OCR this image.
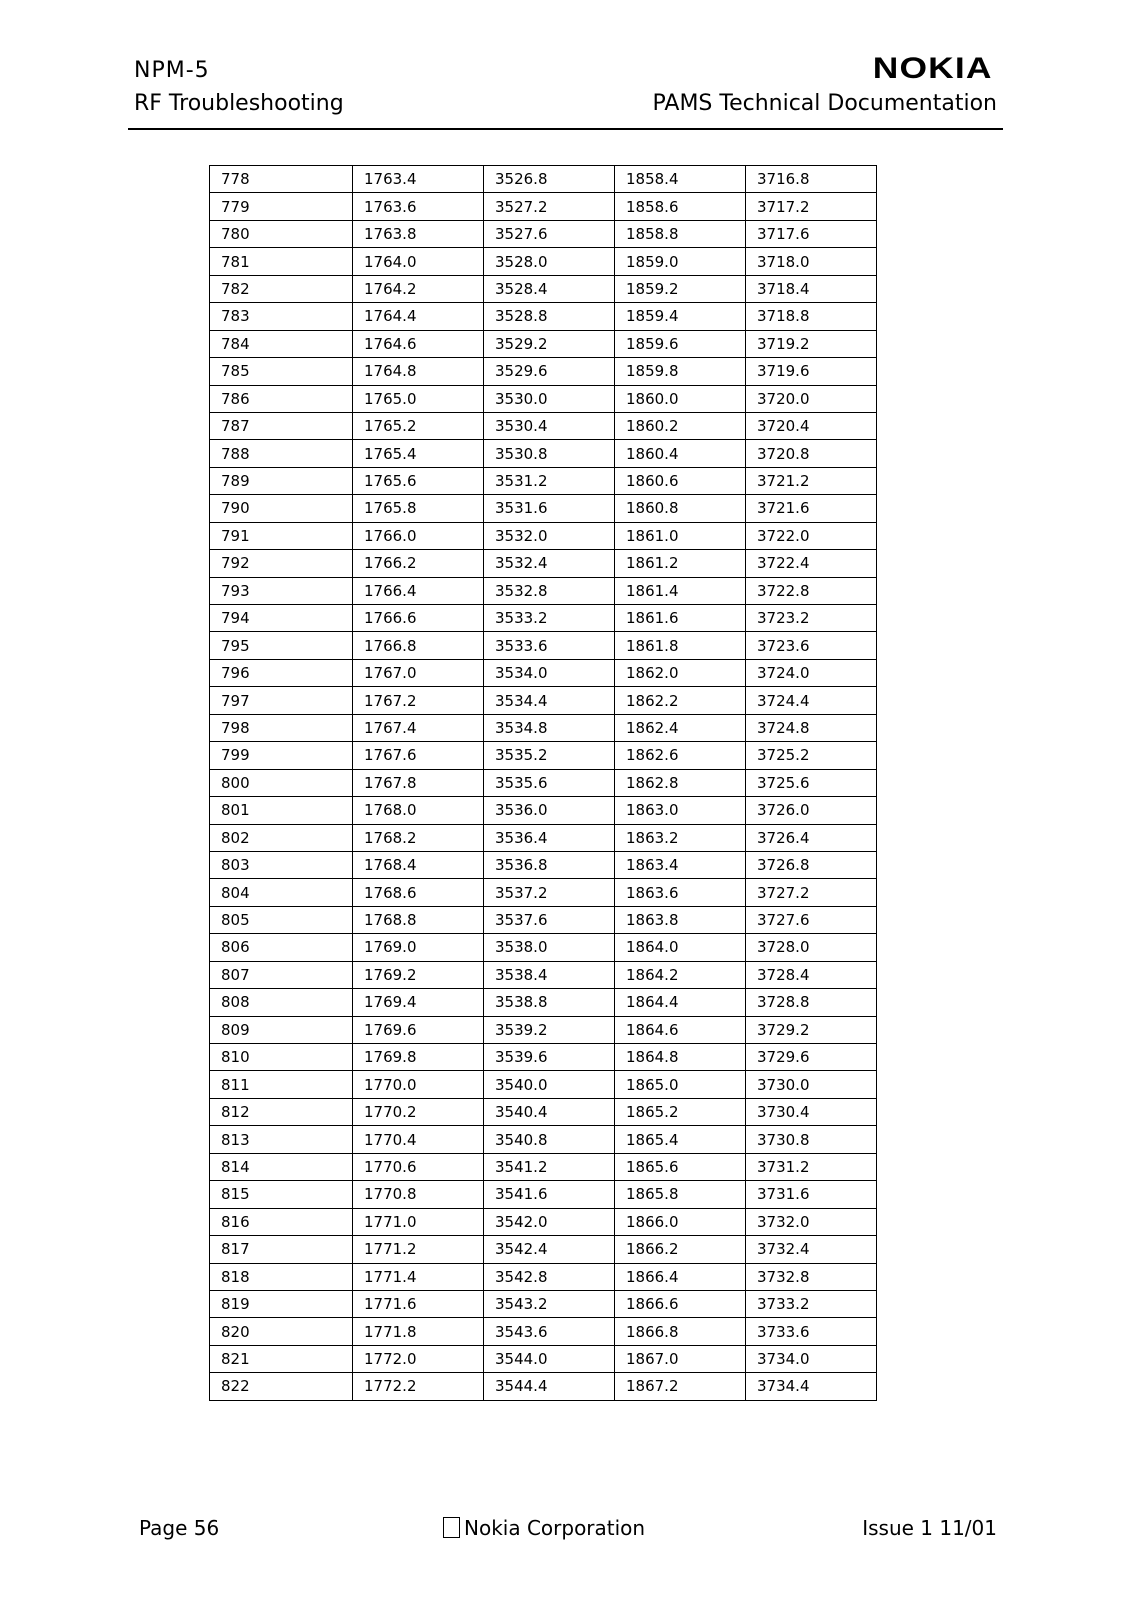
NPM-5
RF Troubleshooting
NOKIA
PAMS Technical Documentation
778	1763.4	3526.8	1858.4	3716.8
779	1763.6	3527.2	1858.6	3717.2
780	1763.8	3527.6	1858.8	3717.6
781	1764.0	3528.0	1859.0	3718.0
782	1764.2	3528.4	1859.2	3718.4
783	1764.4	3528.8	1859.4	3718.8
784	1764.6	3529.2	1859.6	3719.2
785	1764.8	3529.6	1859.8	3719.6
786	1765.0	3530.0	1860.0	3720.0
787	1765.2	3530.4	1860.2	3720.4
788	1765.4	3530.8	1860.4	3720.8
789	1765.6	3531.2	1860.6	3721.2
790	1765.8	3531.6	1860.8	3721.6
791	1766.0	3532.0	1861.0	3722.0
792	1766.2	3532.4	1861.2	3722.4
793	1766.4	3532.8	1861.4	3722.8
794	1766.6	3533.2	1861.6	3723.2
795	1766.8	3533.6	1861.8	3723.6
796	1767.0	3534.0	1862.0	3724.0
797	1767.2	3534.4	1862.2	3724.4
798	1767.4	3534.8	1862.4	3724.8
799	1767.6	3535.2	1862.6	3725.2
800	1767.8	3535.6	1862.8	3725.6
801	1768.0	3536.0	1863.0	3726.0
802	1768.2	3536.4	1863.2	3726.4
803	1768.4	3536.8	1863.4	3726.8
804	1768.6	3537.2	1863.6	3727.2
805	1768.8	3537.6	1863.8	3727.6
806	1769.0	3538.0	1864.0	3728.0
807	1769.2	3538.4	1864.2	3728.4
808	1769.4	3538.8	1864.4	3728.8
809	1769.6	3539.2	1864.6	3729.2
810	1769.8	3539.6	1864.8	3729.6
811	1770.0	3540.0	1865.0	3730.0
812	1770.2	3540.4	1865.2	3730.4
813	1770.4	3540.8	1865.4	3730.8
814	1770.6	3541.2	1865.6	3731.2
815	1770.8	3541.6	1865.8	3731.6
816	1771.0	3542.0	1866.0	3732.0
817	1771.2	3542.4	1866.2	3732.4
818	1771.4	3542.8	1866.4	3732.8
819	1771.6	3543.2	1866.6	3733.2
820	1771.8	3543.6	1866.8	3733.6
821	1772.0	3544.0	1867.0	3734.0
822	1772.2	3544.4	1867.2	3734.4
Page 56	Nokia Corporation	Issue 1 11/01
